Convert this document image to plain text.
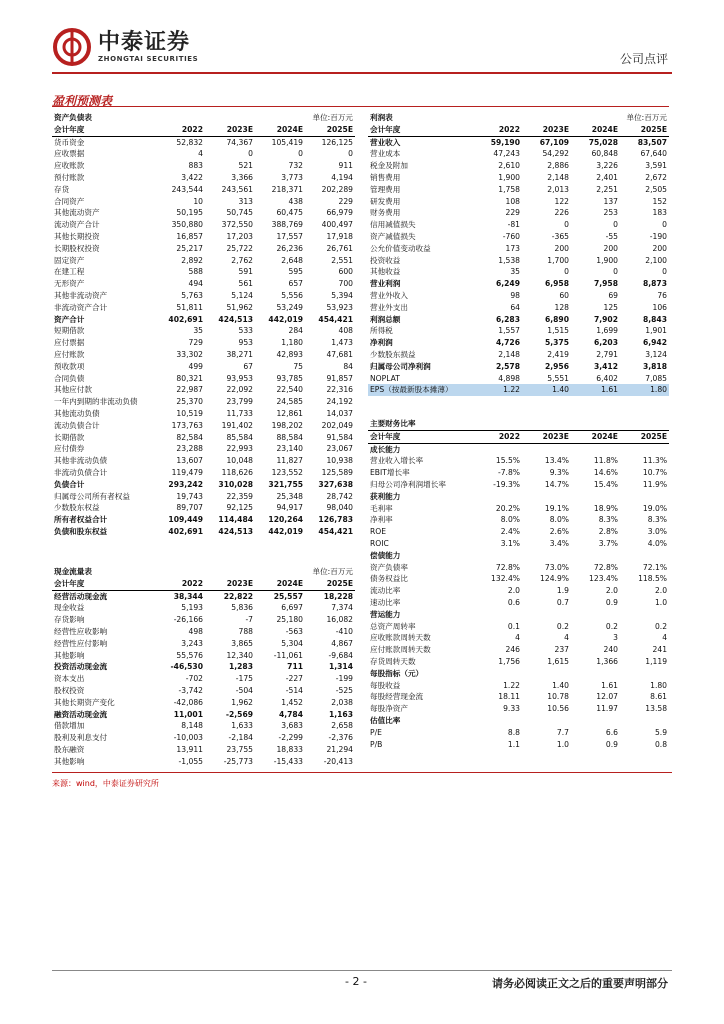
中泰证券
ZHONGTAI SECURITIES	公司点评
盈利预测表
资产负债表			单位:百万元	
会计年度	2022	2023E	2024E	2025E
货币资金	52,832	74,367	105,419	126,125
应收票据	4	0	0	0
应收账款	883	521	732	911
预付账款	3,422	3,366	3,773	4,194
存货	243,544	243,561	218,371	202,289
合同资产	10	313	438	229
其他流动资产	50,195	50,745	60,475	66,979
流动资产合计	350,880	372,550	388,769	400,497
其他长期投资	16,857	17,203	17,557	17,918
长期股权投资	25,217	25,722	26,236	26,761
固定资产	2,892	2,762	2,648	2,551
在建工程	588	591	595	600
无形资产	494	561	657	700
其他非流动资产	5,763	5,124	5,556	5,394
非流动资产合计	51,811	51,962	53,249	53,923
资产合计	402,691	424,513	442,019	454,421
短期借款	35	533	284	408
应付票据	729	953	1,180	1,473
应付账款	33,302	38,271	42,893	47,681
预收款项	499	67	75	84
合同负债	80,321	93,953	93,785	91,857
其他应付款	22,987	22,092	22,540	22,316
一年内到期的非流动负债	25,370	23,799	24,585	24,192
其他流动负债	10,519	11,733	12,861	14,037
流动负债合计	173,763	191,402	198,202	202,049
长期借款	82,584	85,584	88,584	91,584
应付债券	23,288	22,993	23,140	23,067
其他非流动负债	13,607	10,048	11,827	10,938
非流动负债合计	119,479	118,626	123,552	125,589
负债合计	293,242	310,028	321,755	327,638
归属母公司所有者权益	19,743	22,359	25,348	28,742
少数股东权益	89,707	92,125	94,917	98,040
所有者权益合计	109,449	114,484	120,264	126,783
负债和股东权益	402,691	424,513	442,019	454,421
利润表			单位:百万元	
会计年度	2022	2023E	2024E	2025E
营业收入	59,190	67,109	75,028	83,507
营业成本	47,243	54,292	60,848	67,640
税金及附加	2,610	2,886	3,226	3,591
销售费用	1,900	2,148	2,401	2,672
管理费用	1,758	2,013	2,251	2,505
研发费用	108	122	137	152
财务费用	229	226	253	183
信用减值损失	-81	0	0	0
资产减值损失	-760	-365	-55	-190
公允价值变动收益	173	200	200	200
投资收益	1,538	1,700	1,900	2,100
其他收益	35	0	0	0
营业利润	6,249	6,958	7,958	8,873
营业外收入	98	60	69	76
营业外支出	64	128	125	106
利润总额	6,283	6,890	7,902	8,843
所得税	1,557	1,515	1,699	1,901
净利润	4,726	5,375	6,203	6,942
少数股东损益	2,148	2,419	2,791	3,124
归属母公司净利润	2,578	2,956	3,412	3,818
NOPLAT	4,898	5,551	6,402	7,085
EPS（按最新股本摊薄）	1.22	1.40	1.61	1.80
主要财务比率				
会计年度	2022	2023E	2024E	2025E
成长能力				
营业收入增长率	15.5%	13.4%	11.8%	11.3%
EBIT增长率	-7.8%	9.3%	14.6%	10.7%
归母公司净利润增长率	-19.3%	14.7%	15.4%	11.9%
获利能力				
毛利率	20.2%	19.1%	18.9%	19.0%
净利率	8.0%	8.0%	8.3%	8.3%
ROE	2.4%	2.6%	2.8%	3.0%
ROIC	3.1%	3.4%	3.7%	4.0%
偿债能力				
资产负债率	72.8%	73.0%	72.8%	72.1%
债务权益比	132.4%	124.9%	123.4%	118.5%
流动比率	2.0	1.9	2.0	2.0
速动比率	0.6	0.7	0.9	1.0
营运能力				
总资产周转率	0.1	0.2	0.2	0.2
应收账款周转天数	4	4	3	4
应付账款周转天数	246	237	240	241
存货周转天数	1,756	1,615	1,366	1,119
每股指标（元）				
每股收益	1.22	1.40	1.61	1.80
每股经营现金流	18.11	10.78	12.07	8.61
每股净资产	9.33	10.56	11.97	13.58
估值比率				
P/E	8.8	7.7	6.6	5.9
P/B	1.1	1.0	0.9	0.8
现金流量表			单位:百万元	
会计年度	2022	2023E	2024E	2025E
经营活动现金流	38,344	22,822	25,557	18,228
现金收益	5,193	5,836	6,697	7,374
存货影响	-26,166	-7	25,180	16,082
经营性应收影响	498	788	-563	-410
经营性应付影响	3,243	3,865	5,304	4,867
其他影响	55,576	12,340	-11,061	-9,684
投资活动现金流	-46,530	1,283	711	1,314
资本支出	-702	-175	-227	-199
股权投资	-3,742	-504	-514	-525
其他长期资产变化	-42,086	1,962	1,452	2,038
融资活动现金流	11,001	-2,569	4,784	1,163
借款增加	8,148	1,633	3,683	2,658
股利及利息支付	-10,003	-2,184	-2,299	-2,376
股东融资	13,911	23,755	18,833	21,294
其他影响	-1,055	-25,773	-15,433	-20,413
来源：wind，中泰证券研究所
- 2 -	请务必阅读正文之后的重要声明部分
